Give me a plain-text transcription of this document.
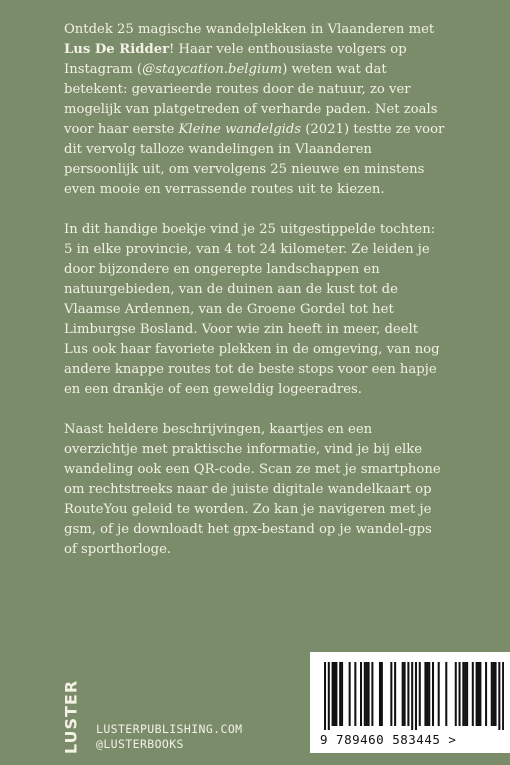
Ontdek 25 magische wandelplekken in Vlaanderen met Lus De Ridder! Haar vele enthousiaste volgers op Instagram (@staycation.belgium) weten wat dat betekent: gevarieerde routes door de natuur, zo ver mogelijk van platgetreden of verharde paden. Net zoals voor haar eerste Kleine wandelgids (2021) testte ze voor dit vervolg talloze wandelingen in Vlaanderen persoonlijk uit, om vervolgens 25 nieuwe en minstens even mooie en verrassende routes uit te kiezen.

In dit handige boekje vind je 25 uitgestippelde tochten: 5 in elke provincie, van 4 tot 24 kilometer. Ze leiden je door bijzondere en ongerepte landschappen en natuurgebieden, van de duinen aan de kust tot de Vlaamse Ardennen, van de Groene Gordel tot het Limburgse Bosland. Voor wie zin heeft in meer, deelt Lus ook haar favoriete plekken in de omgeving, van nog andere knappe routes tot de beste stops voor een hapje en een drankje of een geweldig logeeradres.

Naast heldere beschrijvingen, kaartjes en een overzichtje met praktische informatie, vind je bij elke wandeling ook een QR-code. Scan ze met je smartphone om rechtstreeks naar de juiste digitale wandelkaart op RouteYou geleid te worden. Zo kan je navigeren met je gsm, of je downloadt het gpx-bestand op je wandel-gps of sporthorloge.

LUSTER LUSTERPUBLISHING.COM
@LUSTERBOOKS	9 789460 583445 >
